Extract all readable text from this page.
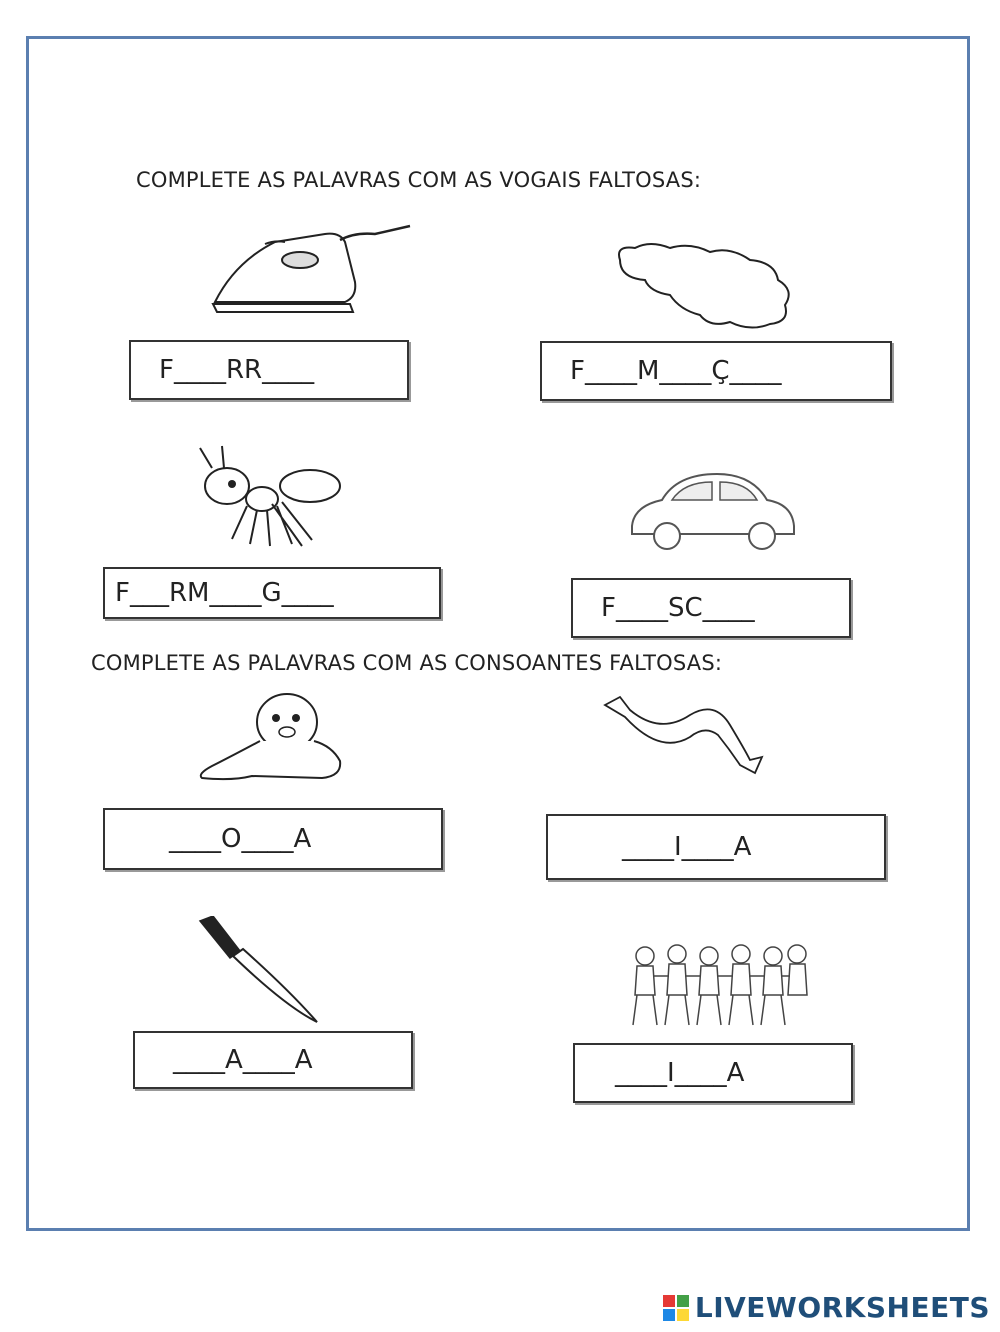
COMPLETE AS PALAVRAS COM AS VOGAIS FALTOSAS:
F____RR____	F____M____Ç____
F___RM____G____	F____SC____
COMPLETE AS PALAVRAS COM AS CONSOANTES FALTOSAS:
____O____A	____I____A
____A____A	____I____A
LIVEWORKSHEETS
